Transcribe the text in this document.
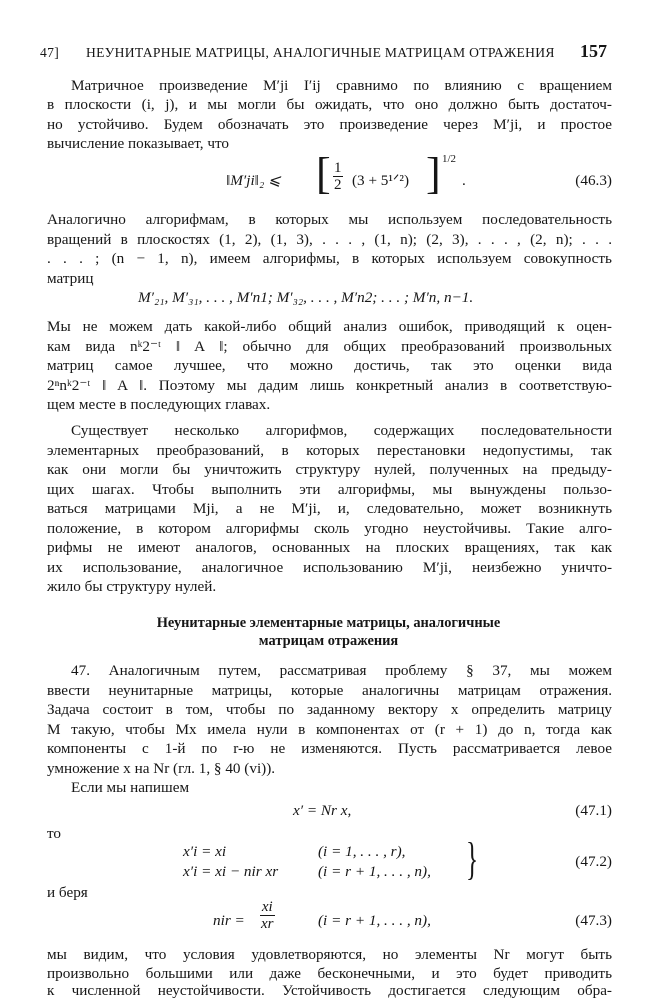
47] НЕУНИТАРНЫЕ МАТРИЦЫ, АНАЛОГИЧНЫЕ МАТРИЦАМ ОТРАЖЕНИЯ 157
Матричное произведение M′ji I′ij сравнимо по влиянию с вращением
в плоскости (i, j), и мы могли бы ожидать, что оно должно быть достаточ-
но устойчиво. Будем обозначать это произведение через M′ji, и простое
вычисление показывает, что
‖M′ji‖₂ ⩽ [ 1
2 (3 + 5¹ᐟ²) ] 1/2
.	(46.3)
Аналогично алгорифмам, в которых мы используем последовательность
вращений в плоскостях (1, 2), (1, 3), . . . , (1, n); (2, 3), . . . , (2, n); . . .
. . . ; (n − 1, n), имеем алгорифмы, в которых используем совокупность
матриц
M′₂₁, M′₃₁, . . . , M′n1; M′₃₂, . . . , M′n2; . . . ; M′n, n−1.
Мы не можем дать какой-либо общий анализ ошибок, приводящий к оцен-
кам вида nᵏ2⁻ᵗ ‖ A ‖; обычно для общих преобразований произвольных
матриц самое лучшее, что можно достичь, так это оценки вида
2ⁿnᵏ2⁻ᵗ ‖ A ‖. Поэтому мы дадим лишь конкретный анализ в соответствую-
щем месте в последующих главах.
Существует несколько алгорифмов, содержащих последовательности
элементарных преобразований, в которых перестановки недопустимы, так
как они могли бы уничтожить структуру нулей, полученных на предыду-
щих шагах. Чтобы выполнить эти алгорифмы, мы вынуждены пользо-
ваться матрицами Mji, а не M′ji, и, следовательно, может возникнуть
положение, в котором алгорифмы сколь угодно неустойчивы. Такие алго-
рифмы не имеют аналогов, основанных на плоских вращениях, так как
их использование, аналогичное использованию M′ji, неизбежно уничто-
жило бы структуру нулей.
Неунитарные элементарные матрицы, аналогичные
матрицам отражения
47. Аналогичным путем, рассматривая проблему § 37, мы можем
ввести неунитарные матрицы, которые аналогичны матрицам отражения.
Задача состоит в том, чтобы по заданному вектору x определить матрицу
M такую, чтобы Mx имела нули в компонентах от (r + 1) до n, тогда как
компоненты с 1-й по r-ю не изменяются. Пусть рассматривается левое
умножение x на Nr (гл. 1, § 40 (vi)).
Если мы напишем
x′ = Nr x,	(47.1)
то
x′i = xi	(i = 1, . . . , r),
x′i = xi − nir xr	(i = r + 1, . . . , n), }	(47.2)
и беря
nir =
xi
xr	(i = r + 1, . . . , n),	(47.3)
мы видим, что условия удовлетворяются, но элементы Nr могут быть
произвольно большими или даже бесконечными, и это будет приводить
к численной неустойчивости. Устойчивость достигается следующим обра-
